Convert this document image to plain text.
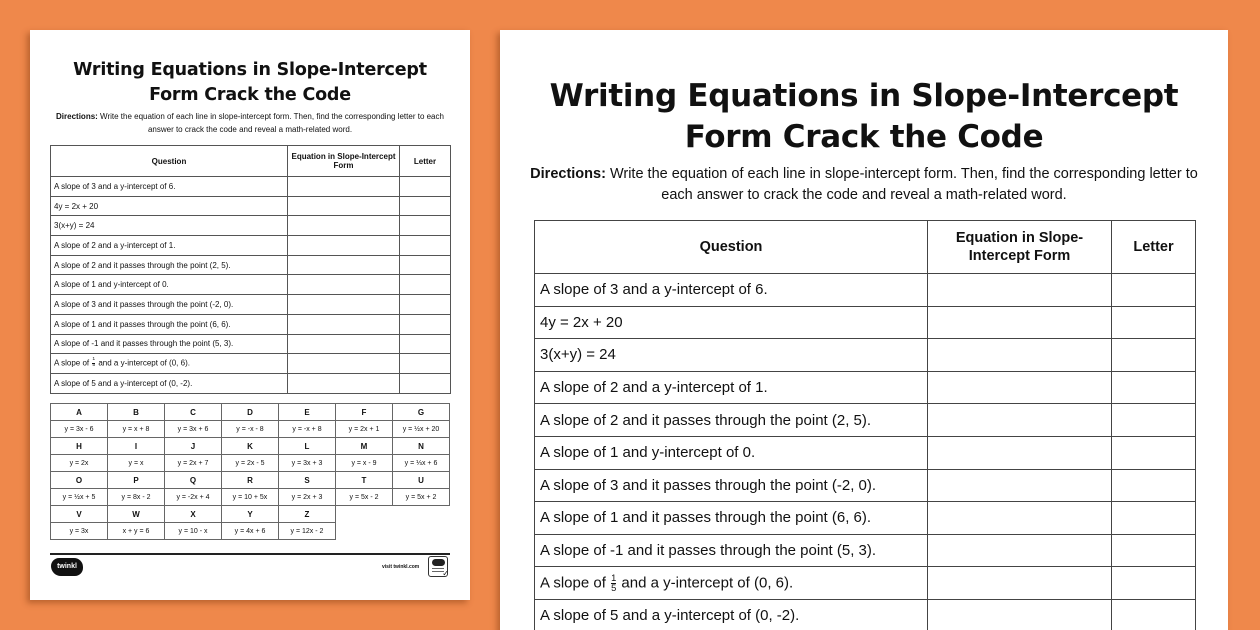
Writing Equations in Slope-Intercept
Form Crack the Code
Directions: Write the equation of each line in slope-intercept form. Then, find the corresponding letter to each answer to crack the code and reveal a math-related word.
Question	Equation in Slope-Intercept Form	Letter
A slope of 3 and a y-intercept of 6.		
4y = 2x + 20		
3(x+y) = 24		
A slope of 2 and a y-intercept of 1.		
A slope of 2 and it passes through the point (2, 5).		
A slope of 1 and y-intercept of 0.		
A slope of 3 and it passes through the point (-2, 0).		
A slope of 1 and it passes through the point (6, 6).		
A slope of -1 and it passes through the point (5, 3).		
A slope of $\frac{1}{5}$ and a y-intercept of (0, 6).		
A slope of 5 and a y-intercept of (0, -2).		
A	B	C	D	E	F	G
y = 3x - 6	y = x + 8	y = 3x + 6	y = -x - 8	y = -x + 8	y = 2x + 1	y = ½x + 20
H	I	J	K	L	M	N
y = 2x	y = x	y = 2x + 7	y = 2x - 5	y = 3x + 3	y = x - 9	y = ⅓x + 6
O	P	Q	R	S	T	U
y = ½x + 5	y = 8x - 2	y = -2x + 4	y = 10 + 5x	y = 2x + 3	y = 5x - 2	y = 5x + 2
V	W	X	Y	Z		
y = 3x	x + y = 6	y = 10 - x	y = 4x + 6	y = 12x - 2		
twinkl	visit twinkl.com
✓
Writing Equations in Slope-Intercept
Form Crack the Code
Directions: Write the equation of each line in slope-intercept form. Then, find the corresponding letter to each answer to crack the code and reveal a math-related word.
Question	Equation in Slope-Intercept Form	Letter
A slope of 3 and a y-intercept of 6.		
4y = 2x + 20		
3(x+y) = 24		
A slope of 2 and a y-intercept of 1.		
A slope of 2 and it passes through the point (2, 5).		
A slope of 1 and y-intercept of 0.		
A slope of 3 and it passes through the point (-2, 0).		
A slope of 1 and it passes through the point (6, 6).		
A slope of -1 and it passes through the point (5, 3).		
A slope of $\frac{1}{5}$ and a y-intercept of (0, 6).		
A slope of 5 and a y-intercept of (0, -2).		
